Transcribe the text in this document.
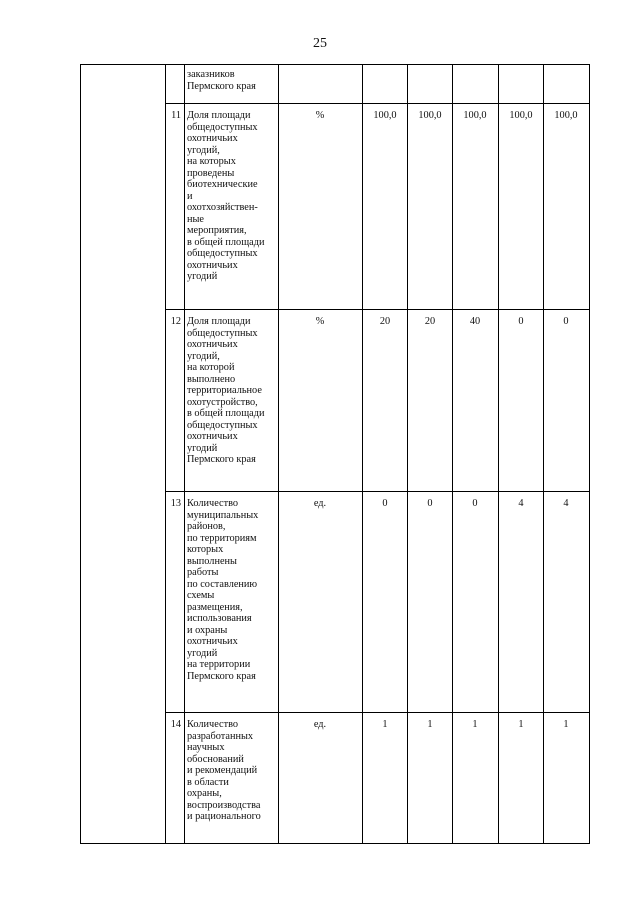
25
заказников
Пермского края
11 Доля площади
общедоступных
охотничьих
угодий,
на которых
проведены
биотехнические
и
охотхозяйствен-
ные
мероприятия,
в общей площади
общедоступных
охотничьих
угодий
%	100,0	100,0	100,0	100,0	100,0
12 Доля площади
общедоступных
охотничьих
угодий,
на которой
выполнено
территориальное
охотустройство,
в общей площади
общедоступных
охотничьих
угодий
Пермского края
%	20	20	40	0	0
13 Количество
муниципальных
районов,
по территориям
которых
выполнены
работы
по составлению
схемы
размещения,
использования
и охраны
охотничьих
угодий
на территории
Пермского края
ед.	0	0	0	4	4
14 Количество
разработанных
научных
обоснований
и рекомендаций
в области
охраны,
воспроизводства
и рационального
ед.	1	1	1	1	1
